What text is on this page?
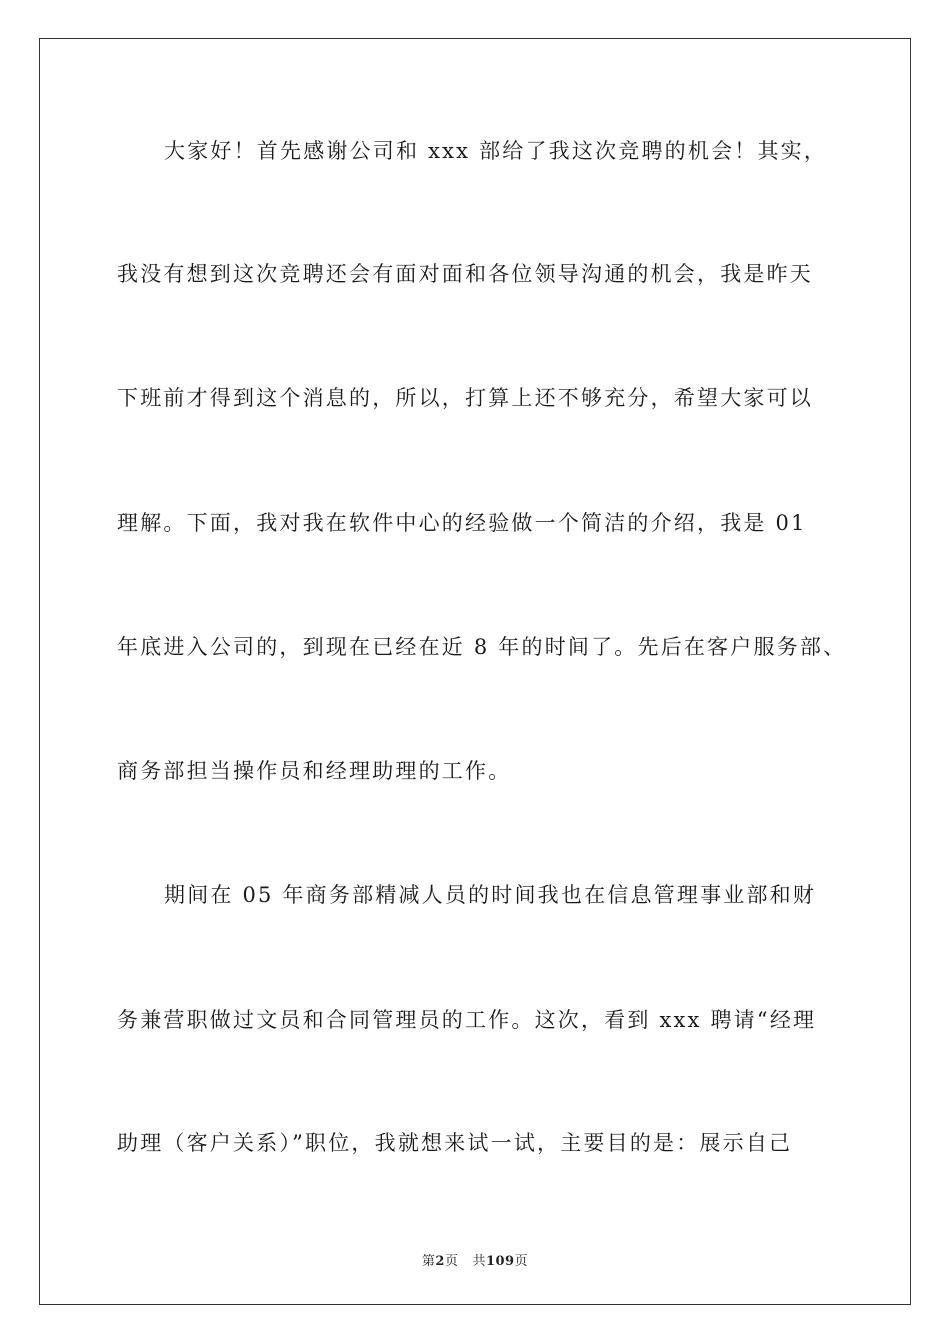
大家好！首先感谢公司和 xxx 部给了我这次竞聘的机会！其实，
我没有想到这次竞聘还会有面对面和各位领导沟通的机会，我是昨天
下班前才得到这个消息的，所以，打算上还不够充分，希望大家可以
理解。下面，我对我在软件中心的经验做一个简洁的介绍，我是 01
年底进入公司的，到现在已经在近 8 年的时间了。先后在客户服务部、
商务部担当操作员和经理助理的工作。
期间在 05 年商务部精减人员的时间我也在信息管理事业部和财
务兼营职做过文员和合同管理员的工作。这次，看到 xxx 聘请“经理
助理（客户关系）”职位，我就想来试一试，主要目的是：展示自己
第2页 共109页
